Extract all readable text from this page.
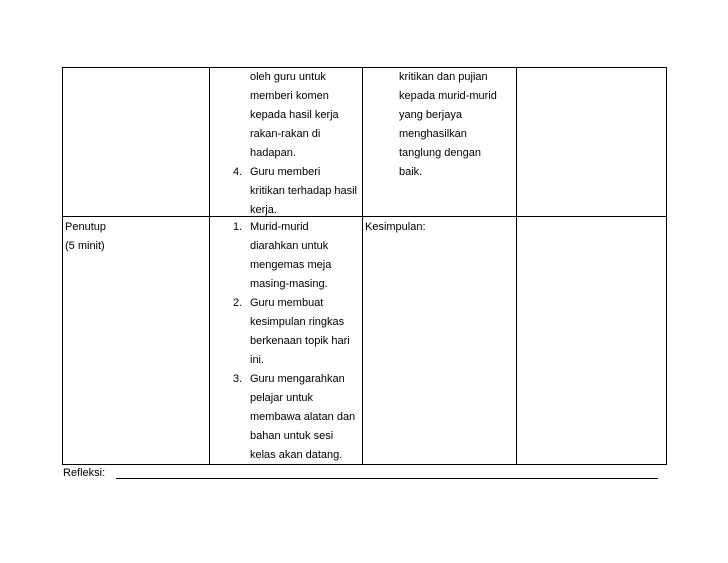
oleh guru untuk
memberi komen
kepada hasil kerja
rakan-rakan di
hadapan.
4. Guru memberi
kritikan terhadap hasil
kerja.
kritikan dan pujian
kepada murid-murid
yang berjaya
menghasilkan
tanglung dengan
baik.
Penutup
(5 minit)
1. Murid-murid
diarahkan untuk
mengemas meja
masing-masing.
2. Guru membuat
kesimpulan ringkas
berkenaan topik hari
ini.
3. Guru mengarahkan
pelajar untuk
membawa alatan dan
bahan untuk sesi
kelas akan datang.
Kesimpulan:
Refleksi:
